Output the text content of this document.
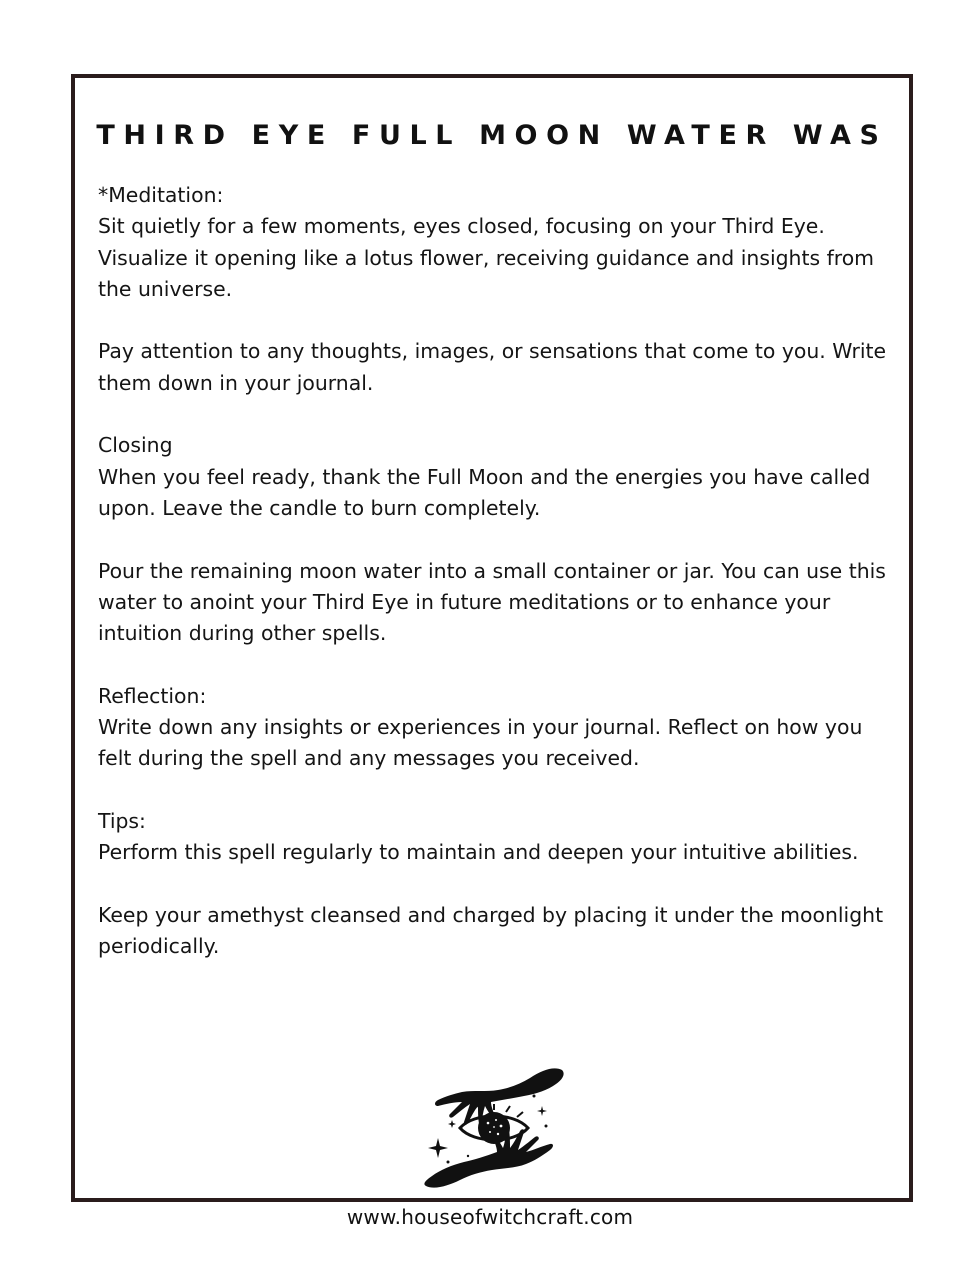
THIRD EYE FULL MOON WATER WAS

*Meditation:
Sit quietly for a few moments, eyes closed, focusing on your Third Eye. Visualize it opening like a lotus flower, receiving guidance and insights from the universe.

Pay attention to any thoughts, images, or sensations that come to you. Write them down in your journal.

Closing
When you feel ready, thank the Full Moon and the energies you have called upon. Leave the candle to burn completely.

Pour the remaining moon water into a small container or jar. You can use this water to anoint your Third Eye in future meditations or to enhance your intuition during other spells.

Reflection:
Write down any insights or experiences in your journal. Reflect on how you felt during the spell and any messages you received.

Tips:
Perform this spell regularly to maintain and deepen your intuitive abilities.

Keep your amethyst cleansed and charged by placing it under the moonlight periodically.

www.houseofwitchcraft.com
